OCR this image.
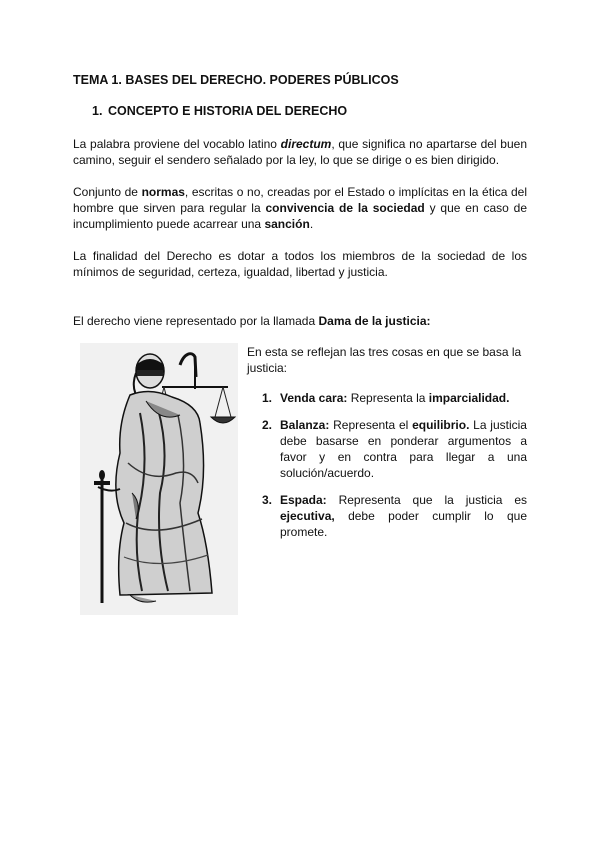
TEMA 1. BASES DEL DERECHO. PODERES PÚBLICOS
1. CONCEPTO E HISTORIA DEL DERECHO

La palabra proviene del vocablo latino directum, que significa no apartarse del buen camino, seguir el sendero señalado por la ley, lo que se dirige o es bien dirigido.

Conjunto de normas, escritas o no, creadas por el Estado o implícitas en la ética del hombre que sirven para regular la convivencia de la sociedad y que en caso de incumplimiento puede acarrear una sanción.

La finalidad del Derecho es dotar a todos los miembros de la sociedad de los mínimos de seguridad, certeza, igualdad, libertad y justicia.

El derecho viene representado por la llamada Dama de la justicia:

En esta se reflejan las tres cosas en que se basa la justicia:

1. Venda cara: Representa la imparcialidad.
2. Balanza: Representa el equilibrio. La justicia debe basarse en ponderar argumentos a favor y en contra para llegar a una solución/acuerdo.
3. Espada: Representa que la justicia es ejecutiva, debe poder cumplir lo que promete.
